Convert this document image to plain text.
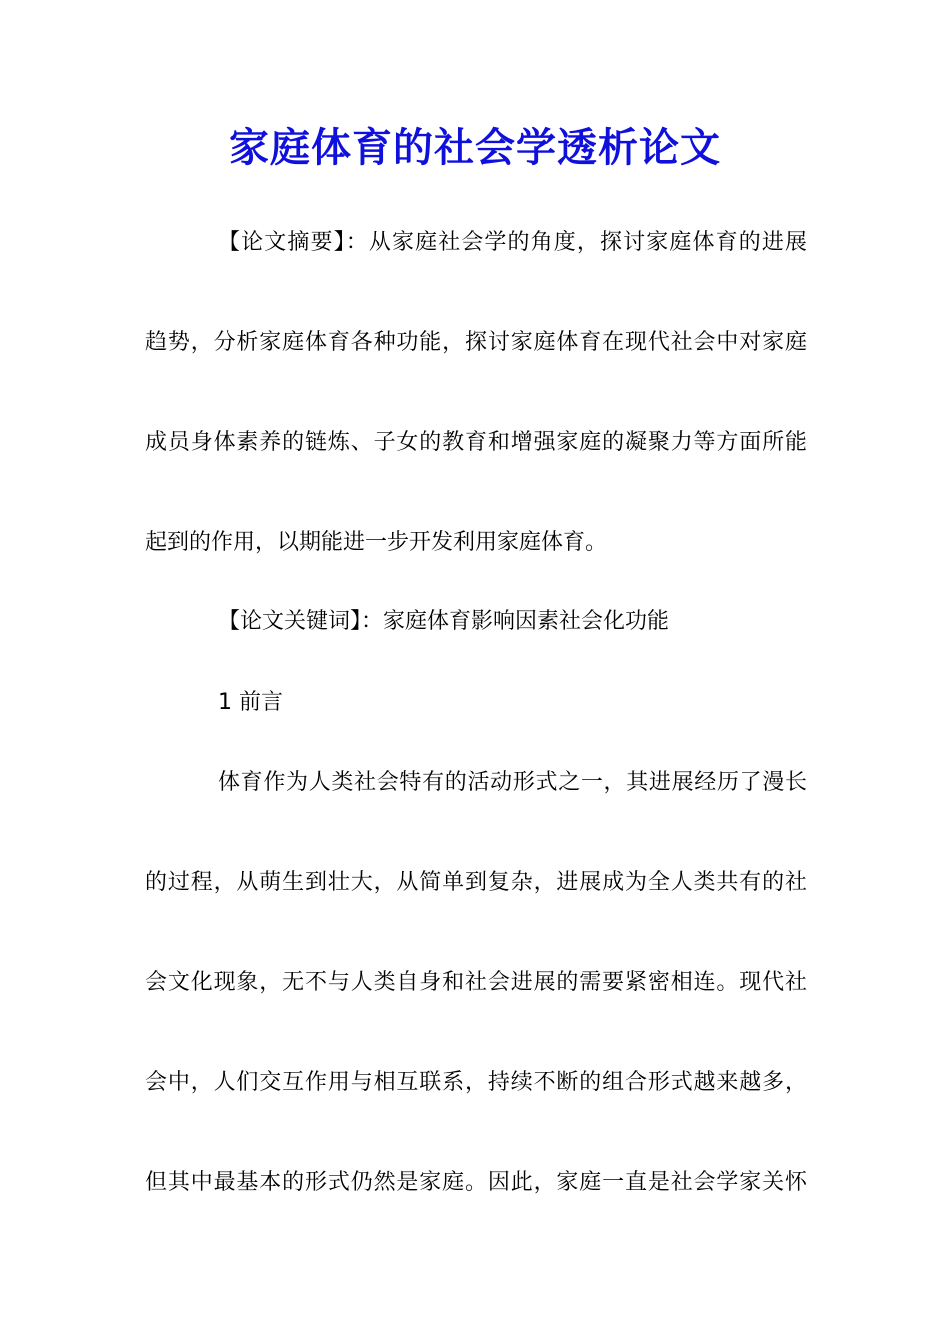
家庭体育的社会学透析论文

【论文摘要】：从家庭社会学的角度，探讨家庭体育的进展

趋势，分析家庭体育各种功能，探讨家庭体育在现代社会中对家庭

成员身体素养的链炼、子女的教育和增强家庭的凝聚力等方面所能

起到的作用，以期能进一步开发利用家庭体育。

【论文关键词】：家庭体育影响因素社会化功能

1 前言

体育作为人类社会特有的活动形式之一，其进展经历了漫长

的过程，从萌生到壮大，从简单到复杂，进展成为全人类共有的社

会文化现象，无不与人类自身和社会进展的需要紧密相连。现代社

会中，人们交互作用与相互联系，持续不断的组合形式越来越多，

但其中最基本的形式仍然是家庭。因此，家庭一直是社会学家关怀
